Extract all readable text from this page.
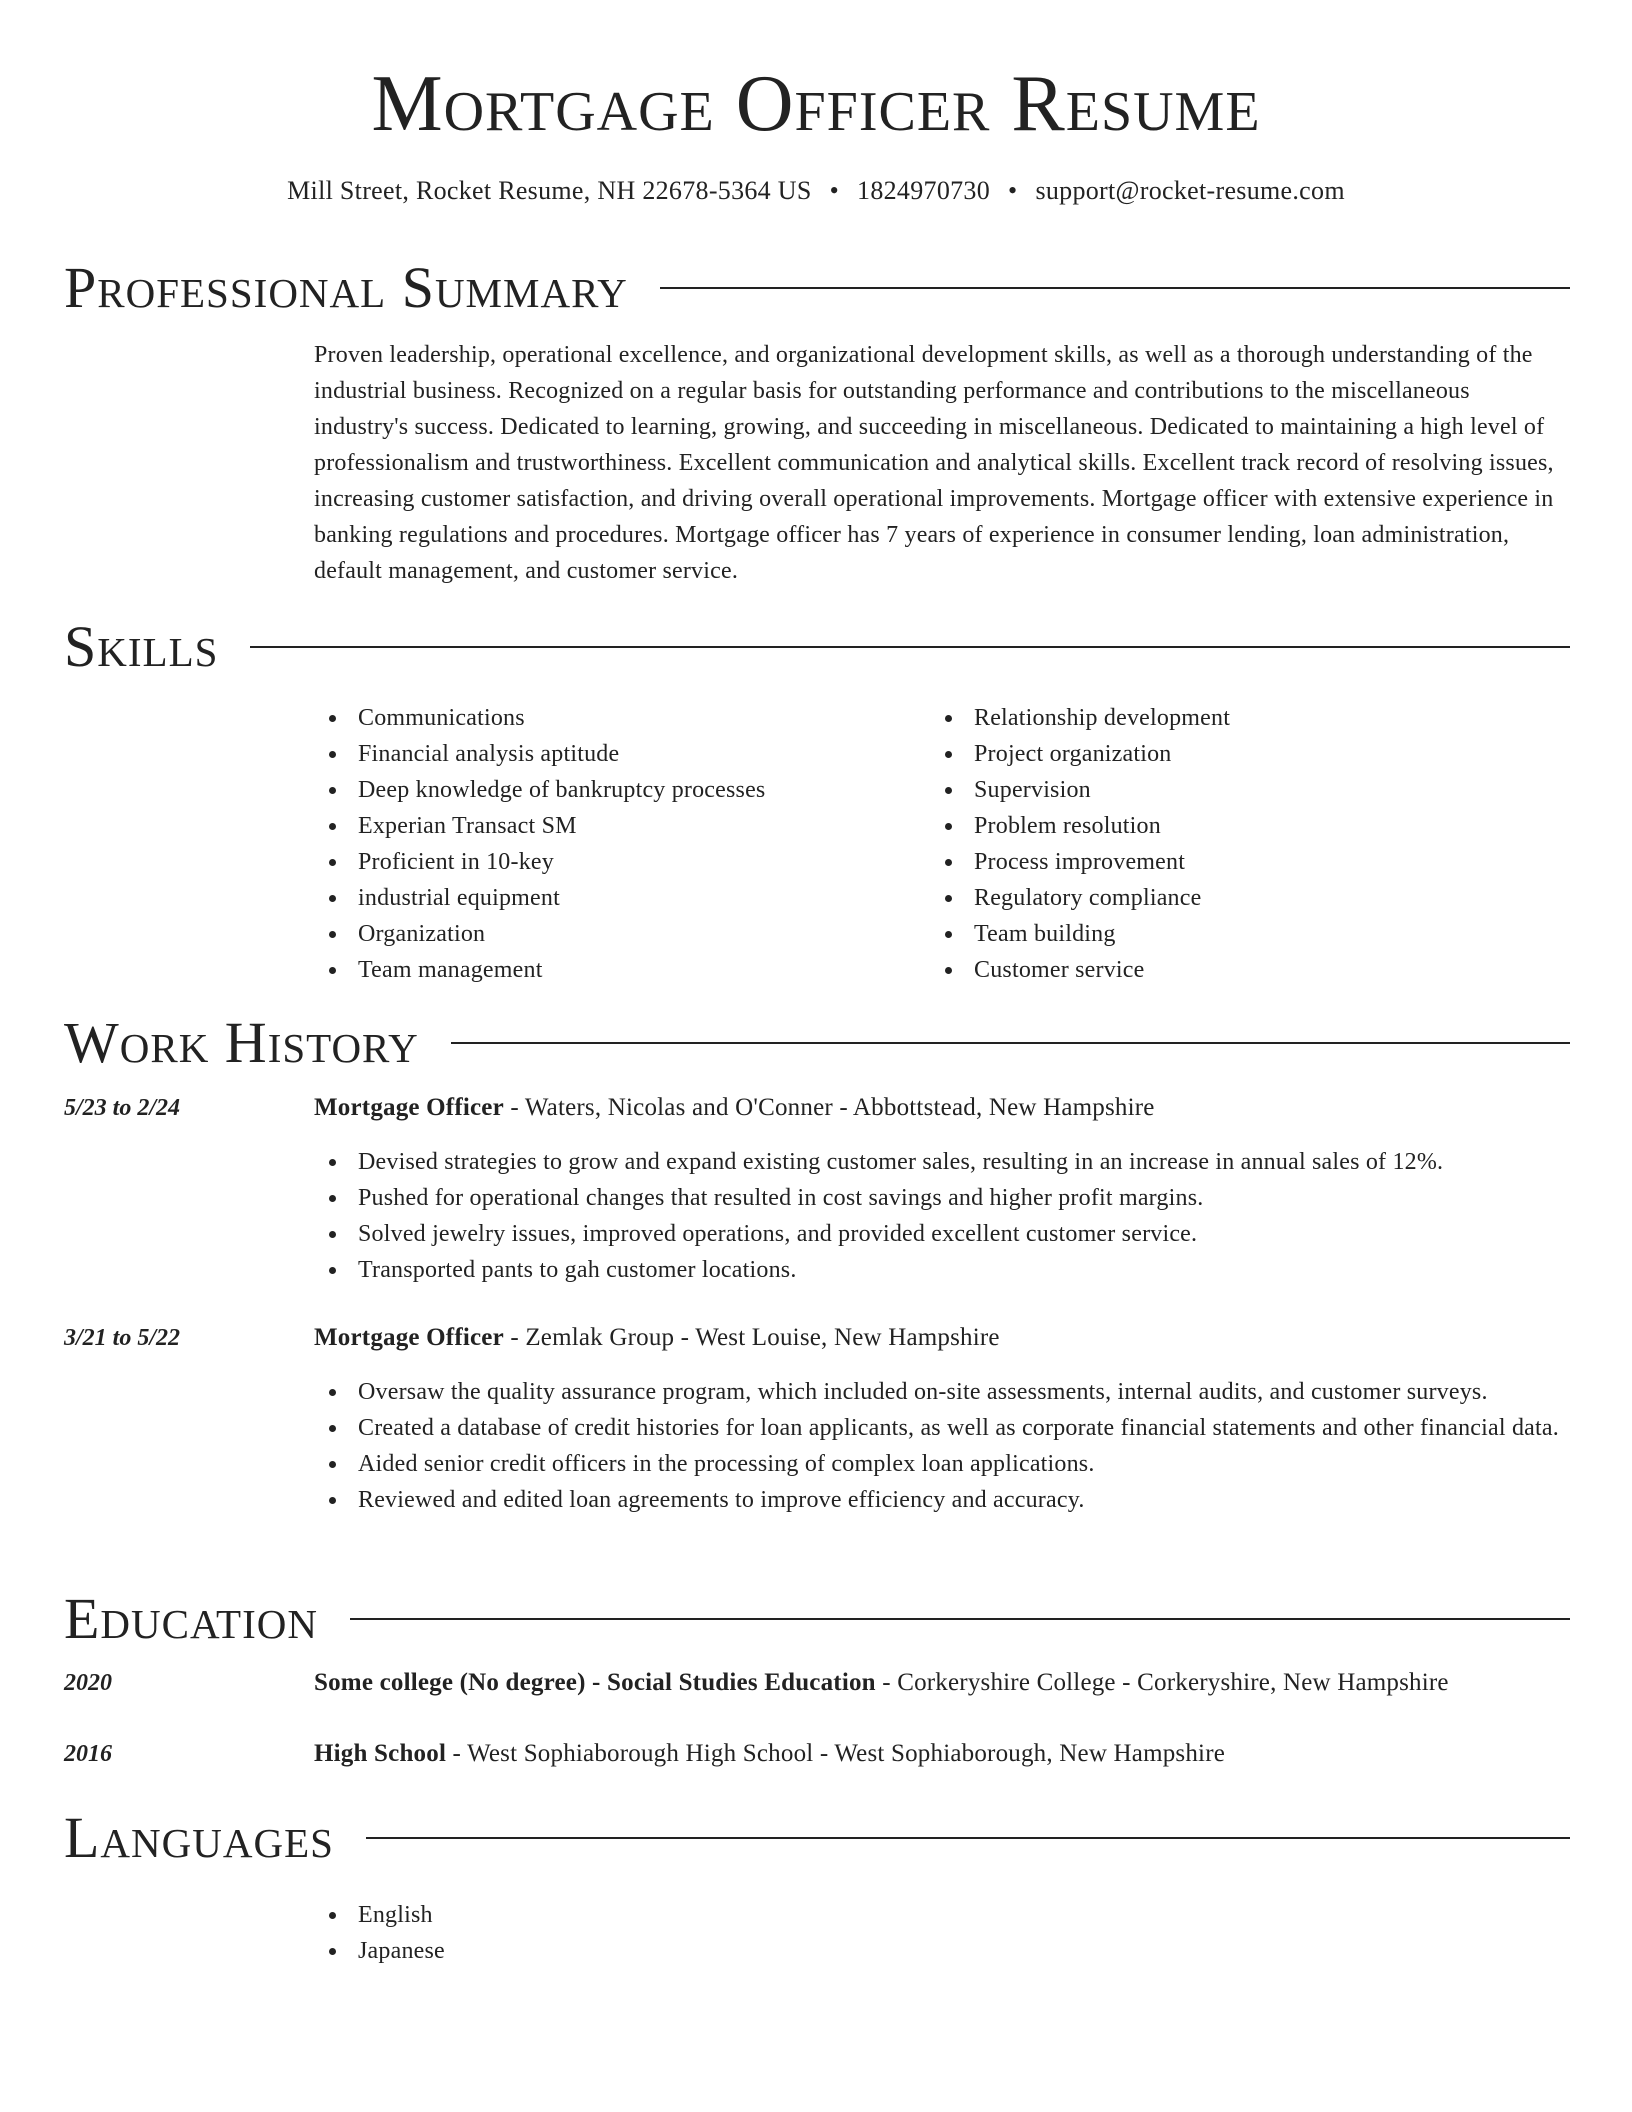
Mortgage Officer Resume
Mill Street, Rocket Resume, NH 22678-5364 US • 1824970730 • support@rocket-resume.com
Professional Summary

Proven leadership, operational excellence, and organizational development skills, as well as a thorough understanding of the industrial business. Recognized on a regular basis for outstanding performance and contributions to the miscellaneous industry's success. Dedicated to learning, growing, and succeeding in miscellaneous. Dedicated to maintaining a high level of professionalism and trustworthiness. Excellent communication and analytical skills. Excellent track record of resolving issues, increasing customer satisfaction, and driving overall operational improvements. Mortgage officer with extensive experience in banking regulations and procedures. Mortgage officer has 7 years of experience in consumer lending, loan administration, default management, and customer service.

Skills
Communications
Financial analysis aptitude
Deep knowledge of bankruptcy processes
Experian Transact SM
Proficient in 10-key
industrial equipment
Organization
Team management
Relationship development
Project organization
Supervision
Problem resolution
Process improvement
Regulatory compliance
Team building
Customer service
Work History
5/23 to 2/24	Mortgage Officer - Waters, Nicolas and O'Conner - Abbottstead, New Hampshire
Devised strategies to grow and expand existing customer sales, resulting in an increase in annual sales of 12%.
Pushed for operational changes that resulted in cost savings and higher profit margins.
Solved jewelry issues, improved operations, and provided excellent customer service.
Transported pants to gah customer locations.
3/21 to 5/22	Mortgage Officer - Zemlak Group - West Louise, New Hampshire
Oversaw the quality assurance program, which included on-site assessments, internal audits, and customer surveys.
Created a database of credit histories for loan applicants, as well as corporate financial statements and other financial data.
Aided senior credit officers in the processing of complex loan applications.
Reviewed and edited loan agreements to improve efficiency and accuracy.
Education
2020	Some college (No degree) - Social Studies Education - Corkeryshire College - Corkeryshire, New Hampshire
2016	High School - West Sophiaborough High School - West Sophiaborough, New Hampshire
Languages
English
Japanese
